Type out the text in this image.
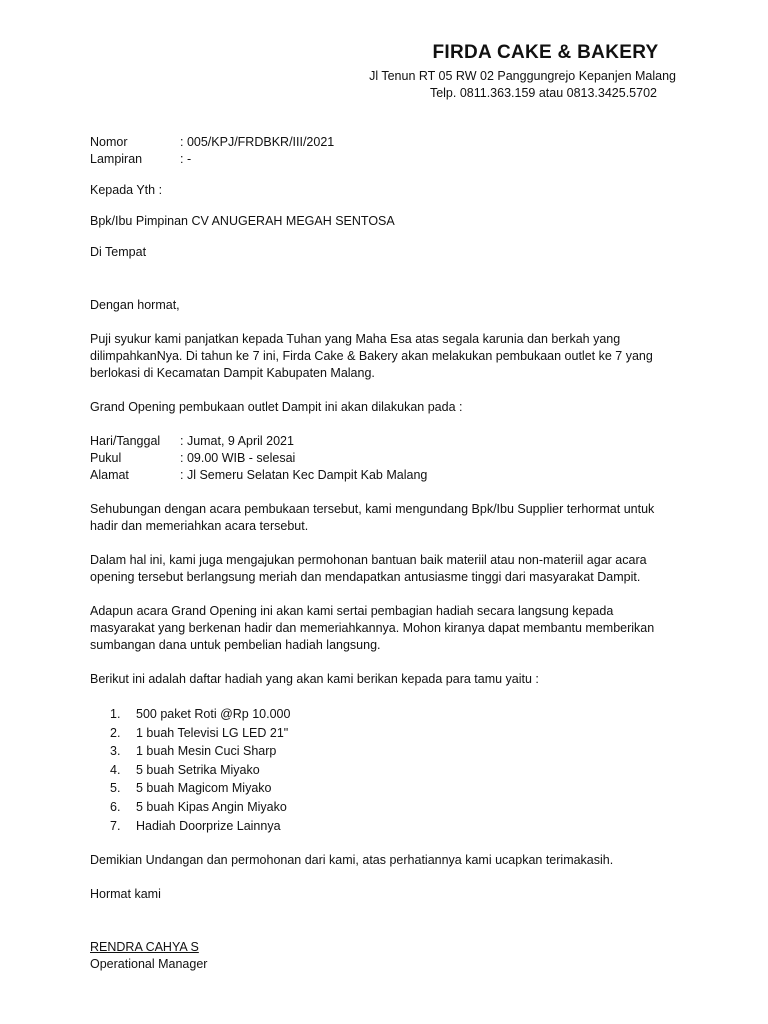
FIRDA CAKE & BAKERY
Jl Tenun RT 05 RW 02 Panggungrejo Kepanjen Malang
Telp. 0811.363.159 atau 0813.3425.5702
Nomor	: 005/KPJ/FRDBKR/III/2021
Lampiran	: -

Kepada Yth :

Bpk/Ibu Pimpinan CV ANUGERAH MEGAH SENTOSA

Di Tempat

Dengan hormat,

Puji syukur kami panjatkan kepada Tuhan yang Maha Esa atas segala karunia dan berkah yang dilimpahkanNya. Di tahun ke 7 ini, Firda Cake & Bakery akan melakukan pembukaan outlet ke 7 yang berlokasi di Kecamatan Dampit Kabupaten Malang.

Grand Opening pembukaan outlet Dampit ini akan dilakukan pada :

Hari/Tanggal	: Jumat, 9 April 2021
Pukul	: 09.00 WIB - selesai
Alamat	: Jl Semeru Selatan Kec Dampit Kab Malang

Sehubungan dengan acara pembukaan tersebut, kami mengundang Bpk/Ibu Supplier terhormat untuk hadir dan memeriahkan acara tersebut.

Dalam hal ini, kami juga mengajukan permohonan bantuan baik materiil atau non-materiil agar acara opening tersebut berlangsung meriah dan mendapatkan antusiasme tinggi dari masyarakat Dampit.

Adapun acara Grand Opening ini akan kami sertai pembagian hadiah secara langsung kepada masyarakat yang berkenan hadir dan memeriahkannya. Mohon kiranya dapat membantu memberikan sumbangan dana untuk pembelian hadiah langsung.

Berikut ini adalah daftar hadiah yang akan kami berikan kepada para tamu yaitu :

1.	500 paket Roti @Rp 10.000
2.	1 buah Televisi LG LED 21"
3.	1 buah Mesin Cuci Sharp
4.	5 buah Setrika Miyako
5.	5 buah Magicom Miyako
6.	5 buah Kipas Angin Miyako
7.	Hadiah Doorprize Lainnya

Demikian Undangan dan permohonan dari kami, atas perhatiannya kami ucapkan terimakasih.

Hormat kami

RENDRA CAHYA S

Operational Manager
